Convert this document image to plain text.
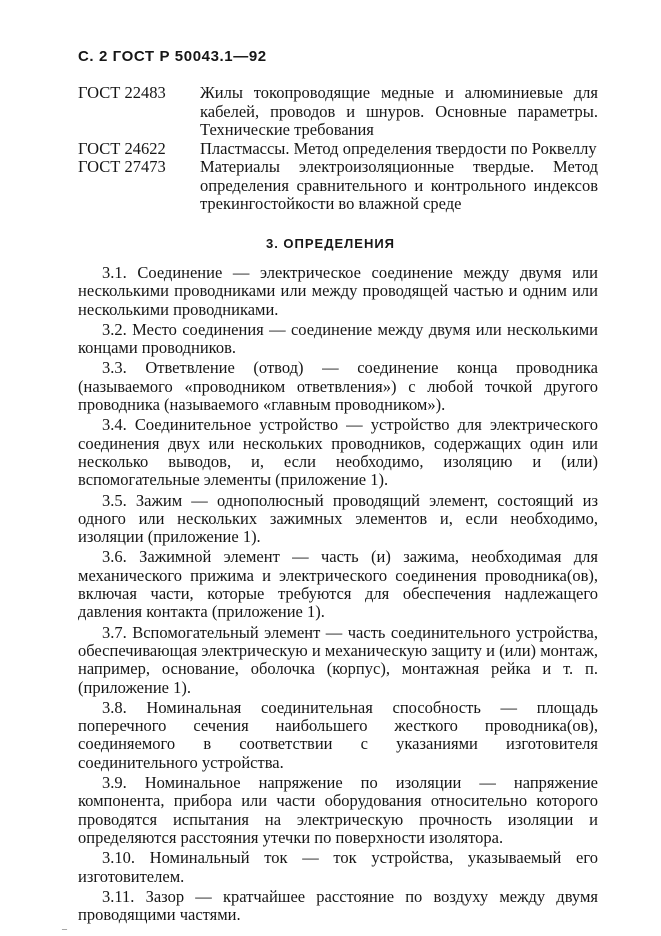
С. 2 ГОСТ Р 50043.1—92
ГОСТ 22483	Жилы токопроводящие медные и алюминиевые для кабелей, проводов и шнуров. Основные параметры. Технические требования
ГОСТ 24622	Пластмассы. Метод определения твердости по Роквеллу
ГОСТ 27473	Материалы электроизоляционные твердые. Метод определения сравнительного и контрольного индексов трекингостойкости во влажной среде
3. ОПРЕДЕЛЕНИЯ

3.1. Соединение — электрическое соединение между двумя или несколькими проводниками или между проводящей частью и одним или несколькими проводниками.

3.2. Место соединения — соединение между двумя или несколькими концами проводников.

3.3. Ответвление (отвод) — соединение конца проводника (называемого «проводником ответвления») с любой точкой другого проводника (называемого «главным проводником»).

3.4. Соединительное устройство — устройство для электрического соединения двух или нескольких проводников, содержащих один или несколько выводов, и, если необходимо, изоляцию и (или) вспомогательные элементы (приложение 1).

3.5. Зажим — однополюсный проводящий элемент, состоящий из одного или нескольких зажимных элементов и, если необходимо, изоляции (приложение 1).

3.6. Зажимной элемент — часть (и) зажима, необходимая для механического прижима и электрического соединения проводника(ов), включая части, которые требуются для обеспечения надлежащего давления контакта (приложение 1).

3.7. Вспомогательный элемент — часть соединительного устройства, обеспечивающая электрическую и механическую защиту и (или) монтаж, например, основание, оболочка (корпус), монтажная рейка и т. п. (приложение 1).

3.8. Номинальная соединительная способность — площадь поперечного сечения наибольшего жесткого проводника(ов), соединяемого в соответствии с указаниями изготовителя соединительного устройства.

3.9. Номинальное напряжение по изоляции — напряжение компонента, прибора или части оборудования относительно которого проводятся испытания на электрическую прочность изоляции и определяются расстояния утечки по поверхности изолятора.

3.10. Номинальный ток — ток устройства, указываемый его изготовителем.

3.11. Зазор — кратчайшее расстояние по воздуху между двумя проводящими частями.

–
